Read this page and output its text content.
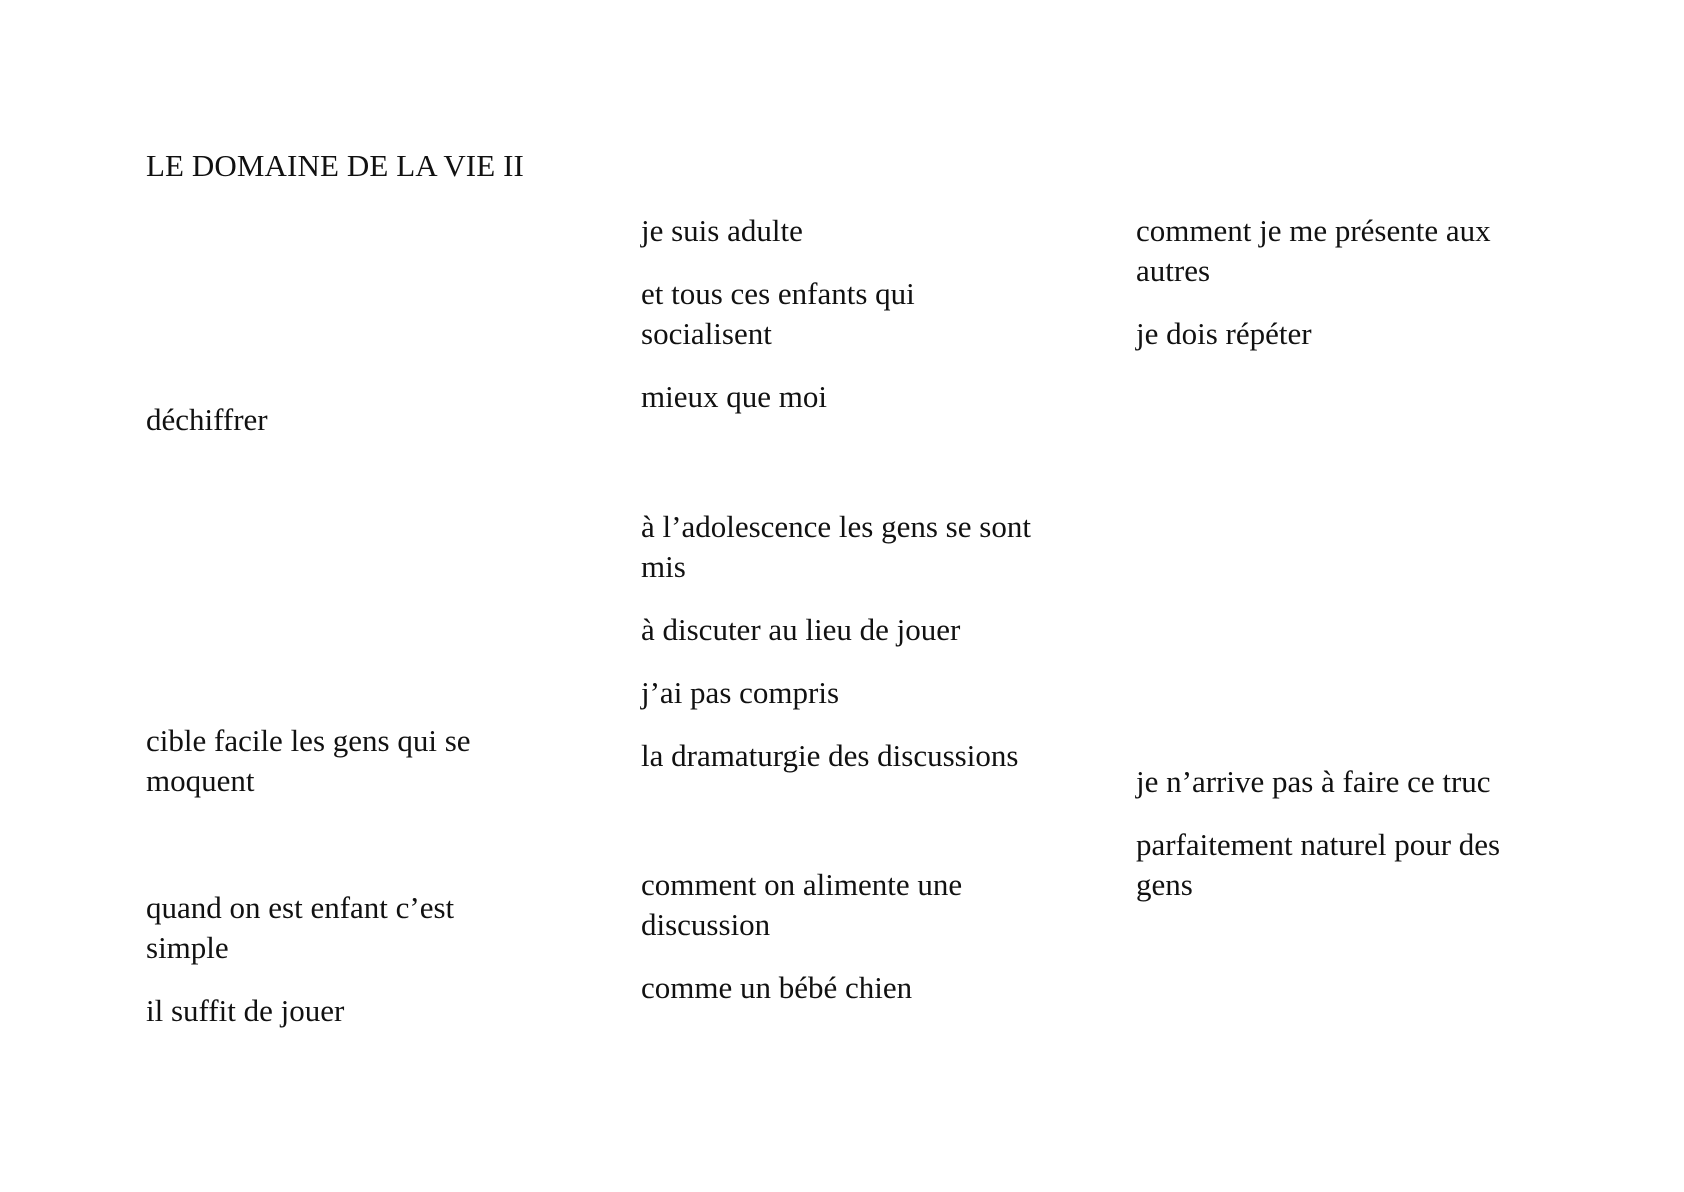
LE DOMAINE DE LA VIE II

déchiffrer

cible facile les gens qui se moquent

quand on est enfant c’est simple

il suffit de jouer

je suis adulte

et tous ces enfants qui socialisent

mieux que moi

à l’adolescence les gens se sont mis

à discuter au lieu de jouer

j’ai pas compris

la dramaturgie des discussions

comment on alimente une discussion

comme un bébé chien

comment je me présente aux autres

je dois répéter

je n’arrive pas à faire ce truc

parfaitement naturel pour des gens
